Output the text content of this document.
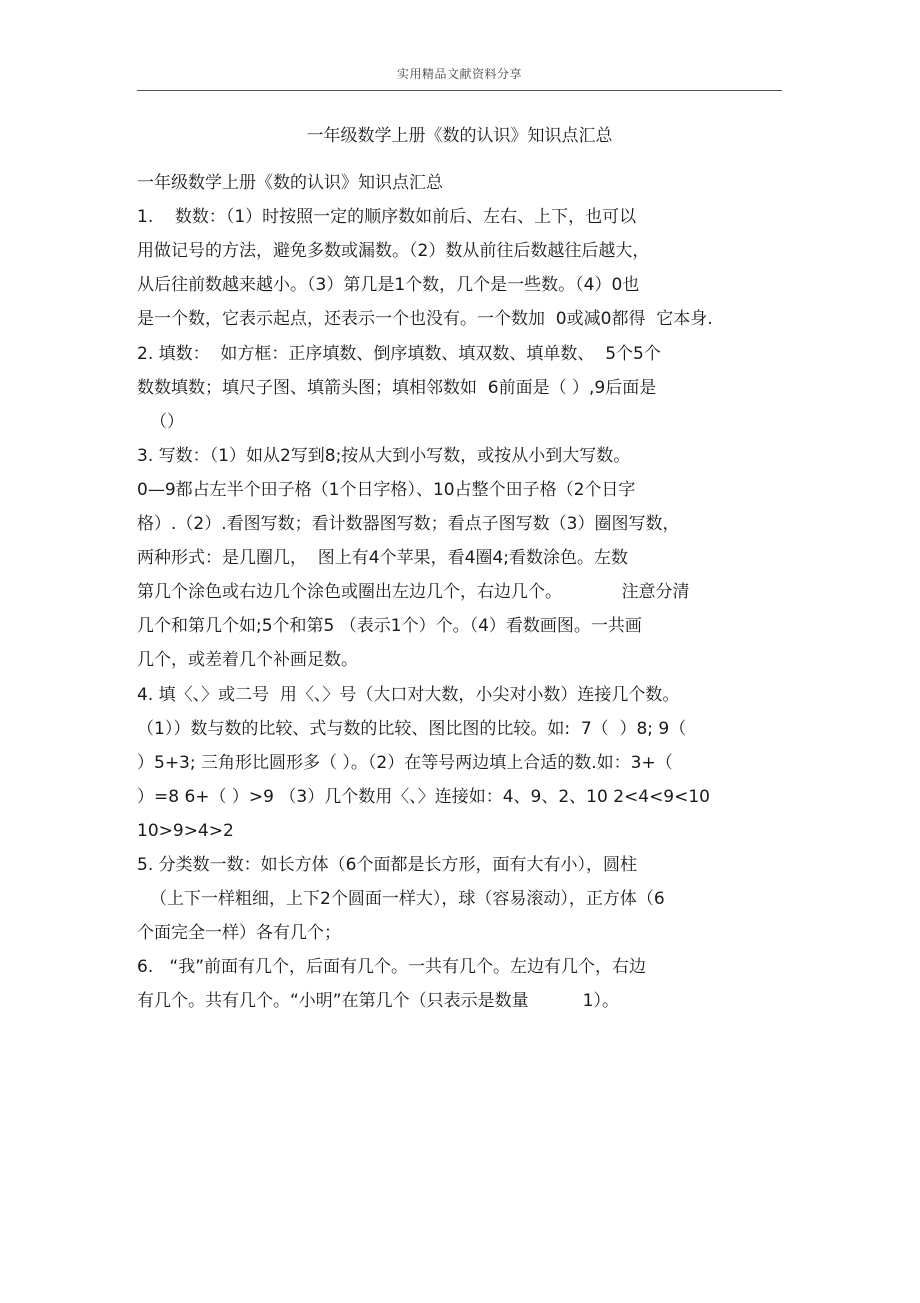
实用精品文献资料分享
一年级数学上册《数的认识》知识点汇总
一年级数学上册《数的认识》知识点汇总
1.    数数：（1）时按照一定的顺序数如前后、左右、上下，也可以
用做记号的方法，避免多数或漏数。（2）数从前往后数越往后越大，
从后往前数越来越小。（3）第几是1个数，几个是一些数。（4）0也
是一个数，它表示起点，还表示一个也没有。一个数加  0或减0都得  它本身.
2. 填数：  如方框：正序填数、倒序填数、填双数、填单数、  5个5个
数数填数；填尺子图、填箭头图；填相邻数如  6前面是（ ）,9后面是
（）
3. 写数：（1）如从2写到8;按从大到小写数，或按从小到大写数。
0—9都占左半个田子格（1个日字格）、10占整个田子格（2个日字
格）.（2）.看图写数；看计数器图写数；看点子图写数（3）圈图写数，
两种形式：是几圈几，  图上有4个苹果，看4圈4;看数涂色。左数
第几个涂色或右边几个涂色或圈出左边几个，右边几个。           注意分清
几个和第几个如;5个和第5 （表示1个）个。（4）看数画图。一共画
几个，或差着几个补画足数。
4. 填〈、〉或二号  用〈、〉号（大口对大数，小尖对小数）连接几个数。
（1））数与数的比较、式与数的比较、图比图的比较。如:  7（  ）8; 9（
）5+3; 三角形比圆形多（ ）。（2）在等号两边填上合适的数.如：3+（
）=8 6+（ ）>9 （3）几个数用〈、〉连接如：4、9、2、10 2<4<9<10
10>9>4>2
5. 分类数一数：如长方体（6个面都是长方形，面有大有小），圆柱
（上下一样粗细，上下2个圆面一样大），球（容易滚动），正方体（6
个面完全一样）各有几个；
6.   “我”前面有几个，后面有几个。一共有几个。左边有几个，右边
有几个。共有几个。“小明”在第几个（只表示是数量          1）。
